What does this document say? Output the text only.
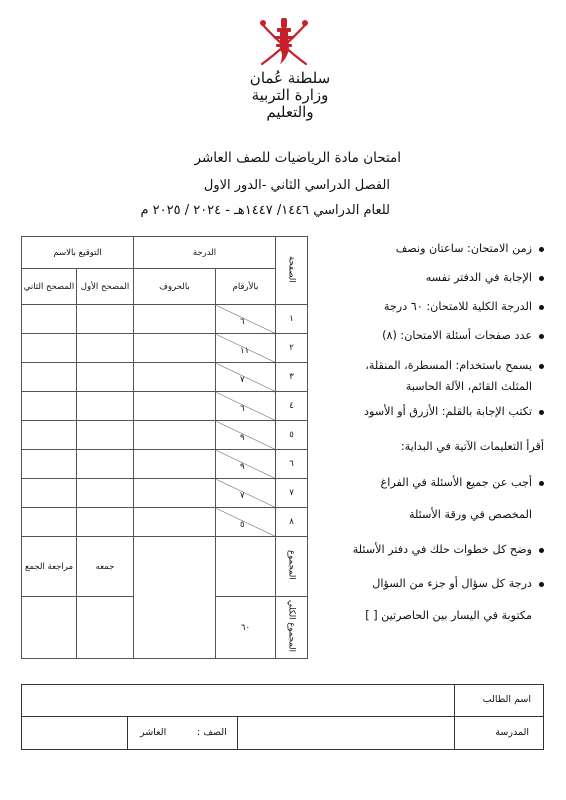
سلطنة عُمان
وزارة التربية والتعليم
امتحان مادة الرياضيات للصف العاشر
الفصل الدراسي الثاني -الدور الاول
للعام الدراسي ١٤٤٦/ ١٤٤٧هـ - ٢٠٢٤ / ٢٠٢٥ م
التوقيع بالاسم		الدرجة		الصفحة
المصحح الثاني	المصحح الأول	بالحروف	بالأرقام	

			٦	١

			١١	٢

			٧	٣

			٦	٤

			٩	٥

			٩	٦

			٧	٧

			٥	٨
مراجعة الجمع	جمعه			المجموع
			٦٠	المجموع الكلي
زمن الامتحان: ساعتان ونصف
الإجابة في الدفتر نفسه
الدرجة الكلية للامتحان: ٦٠ درجة
عدد صفحات أسئلة الامتحان: (٨)
يسمح باستخدام: المسطرة، المنقلة،
المثلث القائم، الآلة الحاسبة
تكتب الإجابة بالقلم: الأزرق أو الأسود
أقرأ التعليمات الآتية في البداية:
أجب عن جميع الأسئلة في الفراغ
المخصص في ورقة الأسئلة
وضح كل خطوات حلك في دفتر الأسئلة
درجة كل سؤال أو جزء من السؤال
مكتوبة في اليسار بين الحاصرتين [ ]
اسم الطالب
المدرسة
الصف :
العاشر
